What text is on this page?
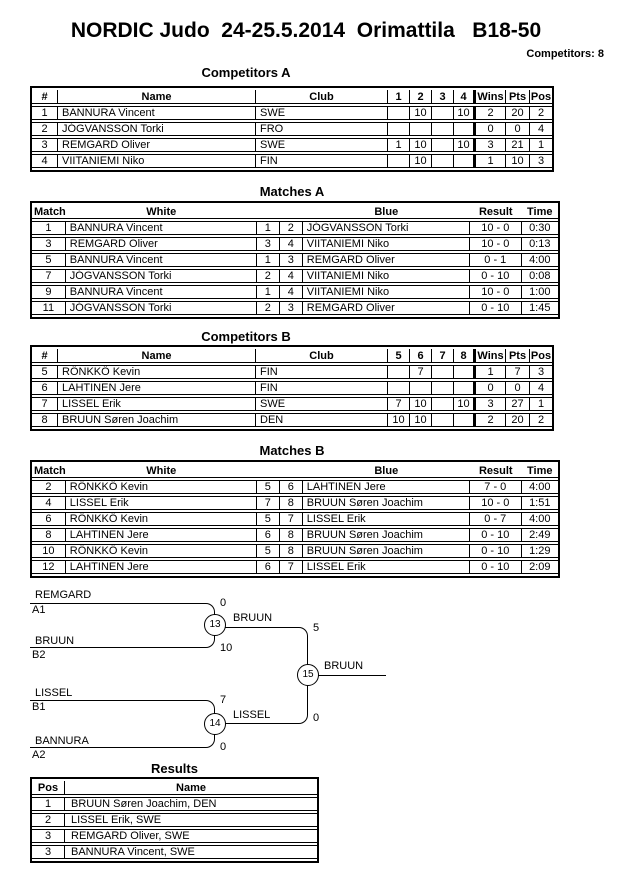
NORDIC Judo  24-25.5.2014  Orimattila   B18-50
Competitors: 8
Competitors A
#	Name	Club	1	2	3	4	Wins	Pts	Pos
1	BANNURA Vincent	SWE		10		10	2	20	2
2	JÓGVANSSON Torki	FRO					0	0	4
3	REMGARD Oliver	SWE	1	10		10	3	21	1
4	VIITANIEMI Niko	FIN		10			1	10	3
Matches A
Match	White			Blue	Result	Time
1	BANNURA Vincent	1	2	JÓGVANSSON Torki	10 - 0	0:30
3	REMGARD Oliver	3	4	VIITANIEMI Niko	10 - 0	0:13
5	BANNURA Vincent	1	3	REMGARD Oliver	0 - 1	4:00
7	JÓGVANSSON Torki	2	4	VIITANIEMI Niko	0 - 10	0:08
9	BANNURA Vincent	1	4	VIITANIEMI Niko	10 - 0	1:00
11	JÓGVANSSON Torki	2	3	REMGARD Oliver	0 - 10	1:45
Competitors B
#	Name	Club	5	6	7	8	Wins	Pts	Pos
5	RÖNKKÖ Kevin	FIN		7			1	7	3
6	LAHTINEN Jere	FIN					0	0	4
7	LISSEL Erik	SWE	7	10		10	3	27	1
8	BRUUN Søren Joachim	DEN	10	10			2	20	2
Matches B
Match	White			Blue	Result	Time
2	RÖNKKÖ Kevin	5	6	LAHTINEN Jere	7 - 0	4:00
4	LISSEL Erik	7	8	BRUUN Søren Joachim	10 - 0	1:51
6	RÖNKKÖ Kevin	5	7	LISSEL Erik	0 - 7	4:00
8	LAHTINEN Jere	6	8	BRUUN Søren Joachim	0 - 10	2:49
10	RÖNKKÖ Kevin	5	8	BRUUN Søren Joachim	0 - 10	1:29
12	LAHTINEN Jere	6	7	LISSEL Erik	0 - 10	2:09
REMGARD
A1
BRUUN
B2
LISSEL
B1
BANNURA
A2
0
10
7
0
5
0
BRUUN
LISSEL
BRUUN
13
14
15
Results
Pos	Name
1	BRUUN Søren Joachim, DEN
2	LISSEL Erik, SWE
3	REMGARD Oliver, SWE
3	BANNURA Vincent, SWE
